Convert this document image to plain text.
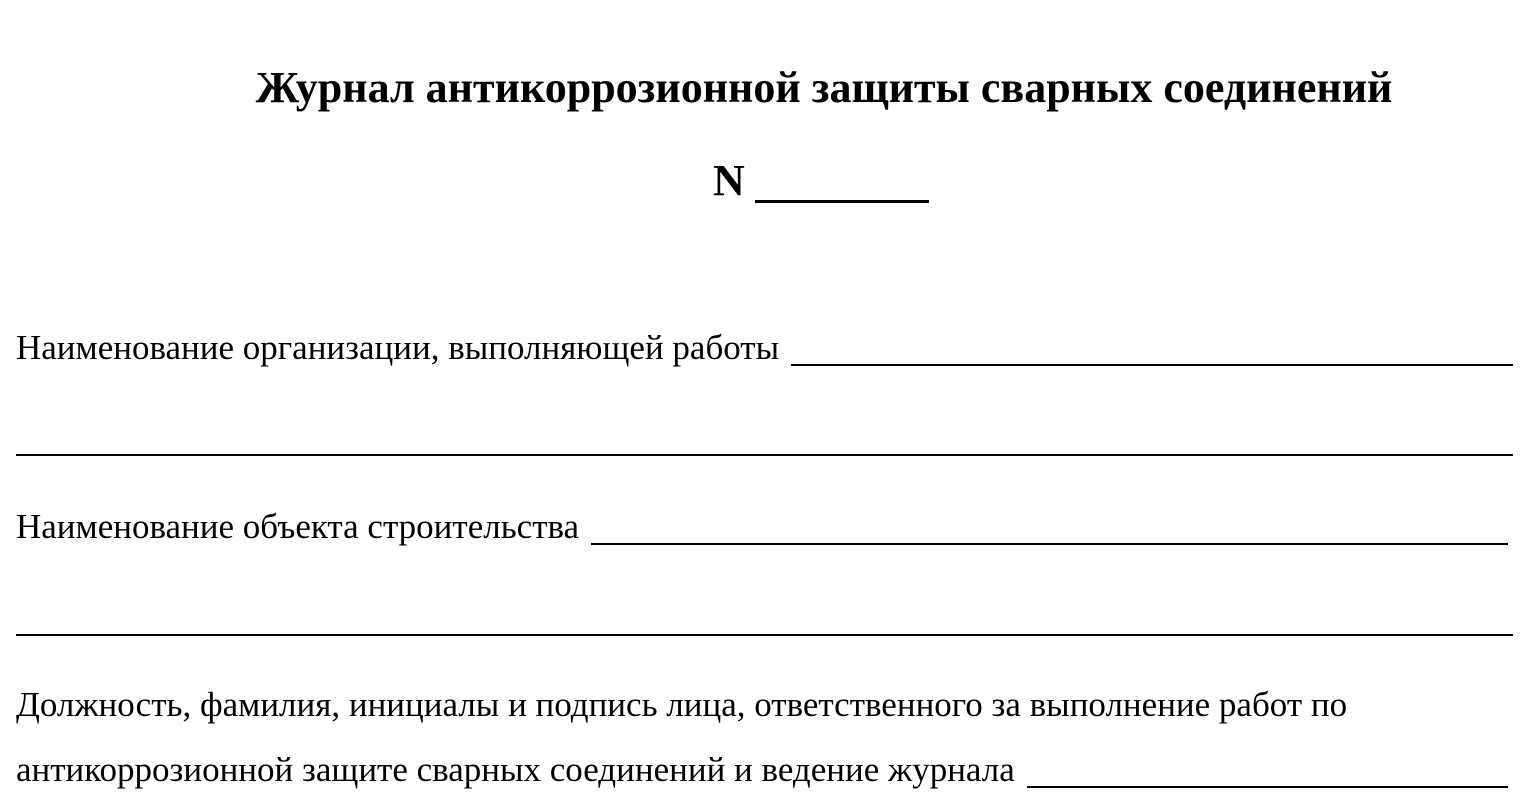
Журнал антикоррозионной защиты сварных соединений
N
Наименование организации, выполняющей работы
Наименование объекта строительства
Должность, фамилия, инициалы и подпись лица, ответственного за выполнение работ по
антикоррозионной защите сварных соединений и ведение журнала
